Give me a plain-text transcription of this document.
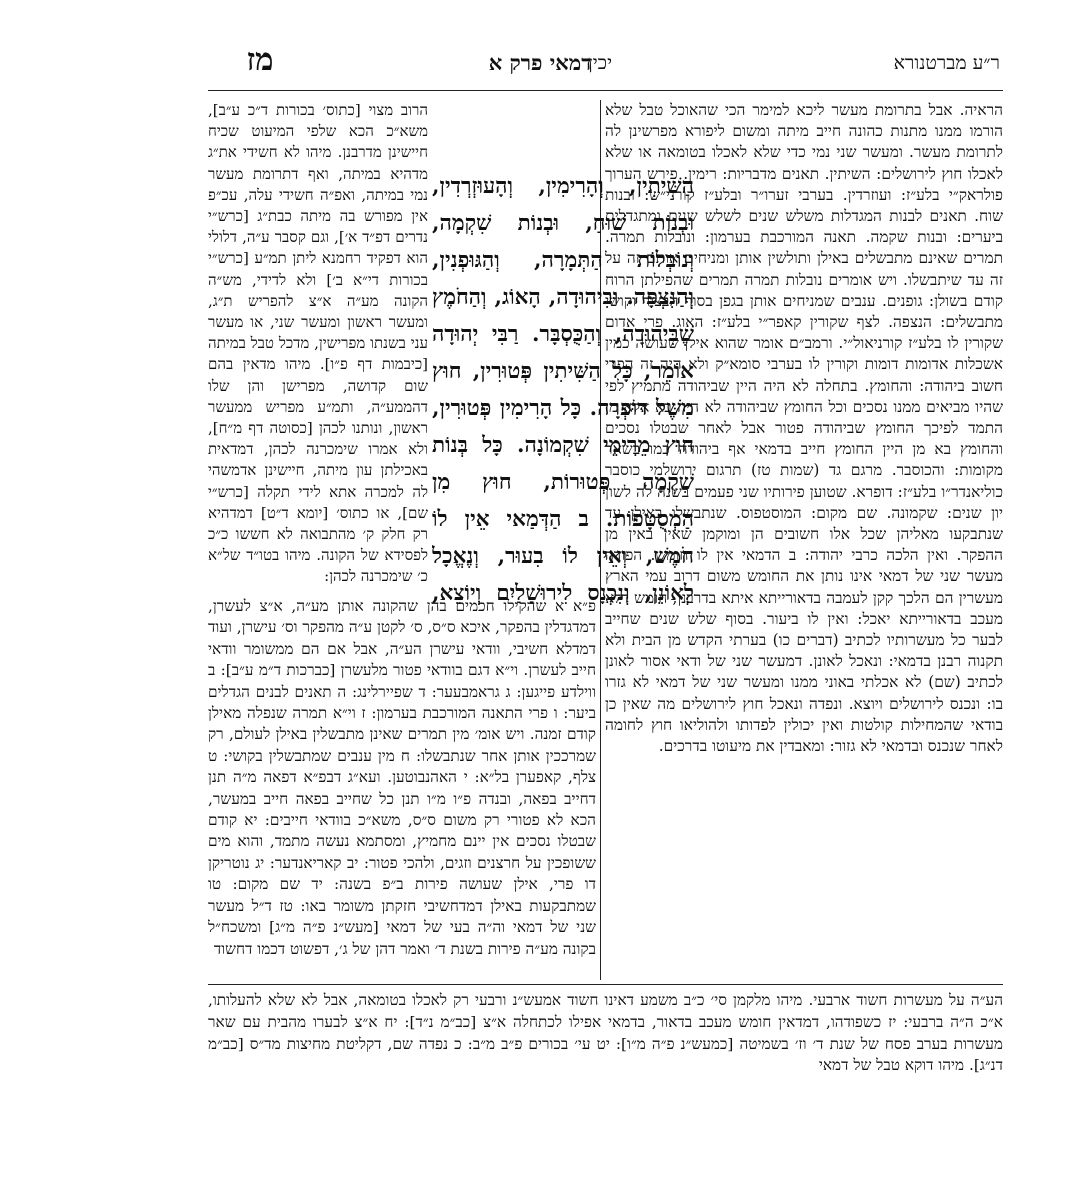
ר״ע מברטנורא
דמאי פרק א
יכין
מז
הראיה. אבל בתרומת מעשר ליכא למימר הכי שהאוכל טבל שלא הורמו ממנו מתנות כהונה חייב מיתה ומשום ליפורא מפרשינן לה לתרומת מעשר. ומעשר שני נמי כדי שלא לאכלו בטומאה או שלא לאכלו חוץ לירושלים: השיתין. תאנים מדבריות: רימין. פירש הערוך פולראק״י בלע״ז: ועוזרדין. בערבי זערו״ר ובלע״ז קורני״ש: ובנות שוח. תאנים לבנות המגדלות משלש שנים לשלש שנים ומתגדלים ביערים: ובנות שקמה. תאנה המורכבת בערמון: ונובלות תמרה. תמרים שאינם מתבשלים באילן ותולשין אותן ומניחים אותם זה על זה עד שיתבשלו. ויש אומרים נובלות תמרה תמרים שהפילתן הרוח קודם בשולן: גופנים. ענבים שמניחים אותן בגפן בסוף הבציר וקושי מתבשלים: הנצפה. לצף שקורין קאפר״י בלע״ז: האוג. פרי אדום שקורין לו בלע״ז קורניאול״י. ורמב״ם אומר שהוא אילן שעושה כמין אשכלות אדומות דומות וקורין לו בערבי סומא״ק ולא היה זה הפרי חשוב ביהודה: והחומץ. בתחלה לא היה היין שביהודה מתמיץ לפי שהיו מביאים ממנו נסכים וכל החומץ שביהודה לא היה בא אלא מן התמד לפיכך החומץ שביהודה פטור אבל לאחר שבטלו נסכים והחומץ בא מן היין החומץ חייב בדמאי אף ביהודה כמו בשאר מקומות: והכוסבר. מרגם גד (שמות טז) תרגום ירושלמי כוסבר כוליאנדר״ו בלע״ז: דופרא. שטוען פירותיו שני פעמים בשנה לה לשון יון שנים: שקמונה. שם מקום: המוסטפוס. שנתבשלו באילן עד שנתבקעו מאליהן שכל אלו חשובים הן ומוקמן שאין באין מן ההפקר. ואין הלכה כרבי יהודה: ב הדמאי אין לו חומש. הפודה מעשר שני של דמאי אינו נותן את החומש משום דרוב עמי הארץ מעשרין הם הלכך קקן לעמבה בדאורייתא איתא בדרבנן, חומש דלא מעכב בדאורייתא יאכל: ואין לו ביעור. בסוף שלש שנים שחייב לבער כל מעשרותיו לכתיב (דברים כו) בערתי הקדש מן הבית ולא תקנוה רבנן בדמאי: ונאכל לאונן. דמעשר שני של ודאי אסור לאונן לכתיב (שם) לא אכלתי באוני ממנו ומעשר שני של דמאי לא גזרו בו: ונכנס לירושלים ויוצא. ונפדה ונאכל חוץ לירושלים מה שאין כן בודאי שהמחילות קולטות ואין יכולין לפדותו ולהוליאו חוץ לחומה לאחר שנכנס ובדמאי לא גזור: ומאבדין את מיעוטו בדרכים.
הַשִּׁיתִין, וְהָרִימִין, וְהָעוּזְרְדִין, וּבְנוֹת שׁוּחַ, וּבְנוֹת שִׁקְמָה, וְנוֹבְלוֹת הַתְּמָרָה, וְהַגּוּפְנִין, וְהַנִּצְפָּה. וּבִיהוּדָה, הָאוֹג, וְהַחֹמֶץ שֶׁבִּיהוּדָה, וְהַכֻּסְבָּר. רַבִּי יְהוּדָה אוֹמֵר, כָּל הַשִּׁיתִין פְּטוּרִין, חוּץ מִשֶּׁל דּוּפְרָה. כָּל הָרִימִין פְּטוּרִין, חוּץ מֵרִימֵי שִׁקְמוֹנָה. כָּל בְּנוֹת שִׁקְמָה פְּטוּרוֹת, חוּץ מִן הַמְסֻטָּפוֹת. ב הַדְּמַאי אֵין לוֹ חֹמֶשׁ, וְאֵין לוֹ בִעוּר, וְנֶאֱכָל לְאוֹנֵן, וְנִכְנָס לִירוּשָׁלַיִם וְיוֹצֵא,
הרוב מצוי [כתוס׳ בכורות ד״כ ע״ב], משא״כ הכא שלפי המיעוט שכיח חיישינן מדרבנן. מיהו לא חשידי את״ג מדהיא במיתה, ואף דתרומת מעשר נמי במיתה, ואפ״ה חשידי עלה, עכ״פ אין מפורש בה מיתה כבת״ג [כרש״י נדרים דפ״ד א׳], וגם קסבר ע״ה, דלולי הוא דפקיד רחמנא ליתן תמ״ע [כרש״י בכורות די״א ב׳] ולא לדידי, מש״ה הקונה מע״ה א״צ להפריש ת״ג, ומעשר ראשון ומעשר שני, או מעשר עני בשנתו מפרישין, מדכל טבל במיתה [כיבמות דף פ״ו]. מיהו מדאין בהם שום קדושה, מפרישן והן שלו דהממע״ה, ותמ״ע מפריש ממעשר ראשון, ונותנו לכהן [כסוטה דף מ״ח], ולא אמרו שימכרנה לכהן, דמדאית באכילתן עון מיתה, חיישינן אדמשהי לה למכרה אתא לידי תקלה [כרש״י שם], או כתוס׳ [יומא ד״ט] דמדהיא רק חלק ק׳ מהתבואה לא חששו כ״כ לפסידא של הקונה. מיהו בטו״ד של״א כ׳ שימכרנה לכהן:
פ״א א שהקילו חכמים בהן שהקונה אותן מע״ה, א״צ לעשרן, דמדגדלין בהפקר, איכא ס״ס, ס׳ לקטן ע״ה מהפקר וס׳ עישרן, ועוד דמדלא חשיבי, וודאי עישרן הע״ה, אבל אם הם ממשומר וודאי חייב לעשרן. וי״א דגם בוודאי פטור מלעשרן [כברכות ד״מ ע״ב]: ב ווילדע פייגען: ג גראמבעער: ד שפיירלינג: ה תאנים לבנים הגדלים ביער: ו פרי התאנה המורכבת בערמון: ז וי״א תמרה שנפלה מאילן קודם זמנה. ויש אומ׳ מין תמרים שאינן מתבשלין באילן לעולם, רק שמרככין אותן אחר שנתבשלו: ח מין ענבים שמתבשלין בקושי: ט צלף, קאפערן בל״א: י האהנבוטען. ועא״ג דבפ״א דפאה מ״ה תנן דחייב בפאה, ובנדה פ״ו מ״ו תנן כל שחייב בפאה חייב במעשר, הכא לא פטורי רק משום ס״ס, משא״כ בוודאי חייבים: יא קודם שבטלו נסכים אין יינם מחמיץ, ומסתמא נעשה מתמד, והוא מים ששופכין על חרצנים וזגים, ולהכי פטור: יב קאריאנדער: יג נוטריקן דו פרי, אילן שעושה פירות ב״פ בשנה: יד שם מקום: טו שמתבקעות באילן דמדחשיבי חזקתן משומר באו: טז ד״ל מעשר שני של דמאי וה״ה בעי של דמאי [מעש״נ פ״ה מ״ג] ומשכח״ל בקונה מע״ה פירות בשנת ד׳ ואמר דהן של ג׳, דפשוט דכמו דחשוד
הע״ה על מעשרות חשוד ארבעי. מיהו מלקמן סי׳ כ״ב משמע דאינו חשוד אמעש״נ ורבעי רק לאכלו בטומאה, אבל לא שלא להעלותו, א״כ ה״ה ברבעי: יז כשפודהו, דמדאין חומש מעכב בדאור, בדמאי אפילו לכתחלה א״צ [כב״מ נ״ד]: יח א״צ לבערו מהבית עם שאר מעשרות בערב פסח של שנת ד׳ וז׳ בשמיטה [כמעש״נ פ״ה מ״ו]: יט עי׳ בכורים פ״ב מ״ב: כ נפדה שם, דקליטת מחיצות מד״ס [כב״מ דנ״ג]. מיהו דוקא טבל של דמאי
